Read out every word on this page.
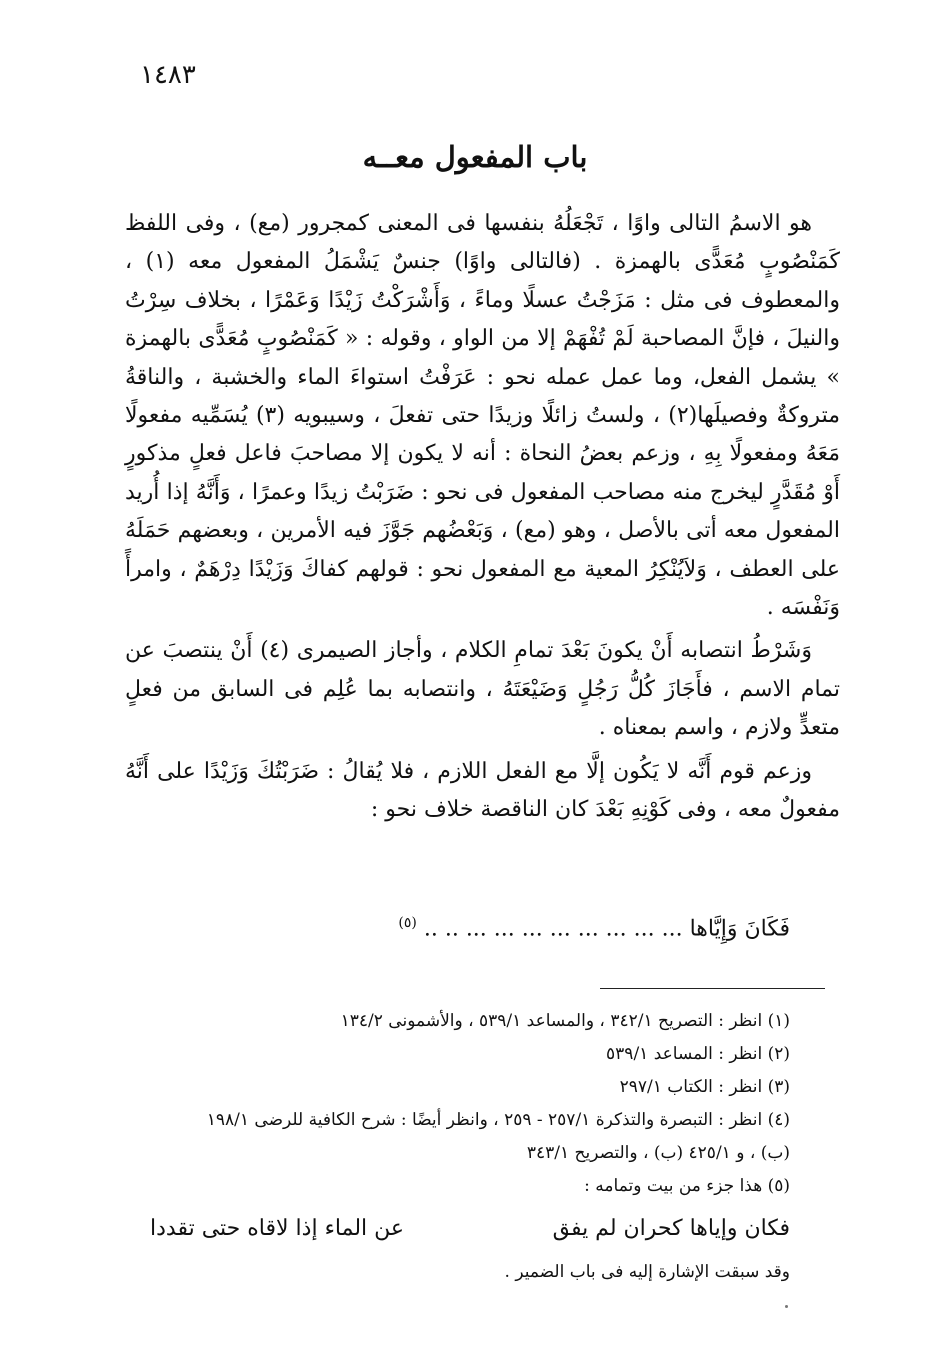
١٤٨٣
باب المفعول معــه

هو الاسمُ التالى واوًا ، تَجْعَلُهُ بنفسها فى المعنى كمجرور (مع) ، وفى اللفظ كَمَنْصُوبٍ مُعَدًّى بالهمزة . (فالتالى واوًا) جنسٌ يَشْمَلُ المفعول معه (١) ، والمعطوف فى مثل : مَزَجْتُ عسلًا وماءً ، وَأَشْرَكْتُ زَيْدًا وَعَمْرًا ، بخلاف سِرْتُ والنيلَ ، فإنَّ المصاحبة لَمْ تُفْهَمْ إلا من الواو ، وقوله : « كَمَنْصُوبٍ مُعَدًّى بالهمزة » يشمل الفعل، وما عمل عمله نحو : عَرَفْتُ استواءَ الماء والخشبة ، والناقةُ متروكةٌ وفصيلَها(٢) ، ولستُ زائلًا وزيدًا حتى تفعلَ ، وسيبويه (٣) يُسَمِّيه مفعولًا مَعَهُ ومفعولًا بِهِ ، وزعم بعضُ النحاة : أنه لا يكون إلا مصاحبَ فاعل فعلٍ مذكورٍ أَوْ مُقَدَّرٍ ليخرج منه مصاحب المفعول فى نحو : ضَرَبْتُ زيدًا وعمرًا ، وَأَنَّهُ إذا أُريد المفعول معه أتى بالأصل ، وهو (مع) ، وَبَعْضُهم جَوَّزَ فيه الأمرين ، وبعضهم حَمَلَهُ على العطف ، وَلاَيُنْكِرُ المعية مع المفعول نحو : قولهم كفاكَ وَزَيْدًا دِرْهَمٌ ، وامرأً وَنَفْسَه .

وَشَرْطُ انتصابه أَنْ يكونَ بَعْدَ تمامِ الكلام ، وأجاز الصيمرى (٤) أَنْ ينتصبَ عن تمام الاسم ، فأَجَازَ كُلُّ رَجُلٍ وَضَيْعَتَهُ ، وانتصابه بما عُلِم فى السابق من فعلٍ متعدٍّ ولازم ، واسم بمعناه .

وزعم قوم أَنَّه لا يَكُون إلَّا مع الفعل اللازم ، فلا يُقالُ : ضَرَبْتُكَ وَزَيْدًا على أَنَّهُ مفعولٌ معه ، وفى كَوْنِهِ بَعْدَ كان الناقصة خلاف نحو :

فَكَانَ وَإِيَّاها ... ... ... ... ... ... ... ... .. .. $^{(٥)}$

(١) انظر : التصريح ٣٤٢/١ ، والمساعد ٥٣٩/١ ، والأشمونى ١٣٤/٢

(٢) انظر : المساعد ٥٣٩/١

(٣) انظر : الكتاب ٢٩٧/١

(٤) انظر : التبصرة والتذكرة ٢٥٧/١ - ٢٥٩ ، وانظر أيضًا : شرح الكافية للرضى ١٩٨/١

(ب) ، و ٤٢٥/١ (ب) ، والتصريح ٣٤٣/١

(٥) هذا جزء من بيت وتمامه :

فكان وإياها كحران لم يفق
عن الماء إذا لاقاه حتى تقددا
وقد سبقت الإشارة إليه فى باب الضمير .
